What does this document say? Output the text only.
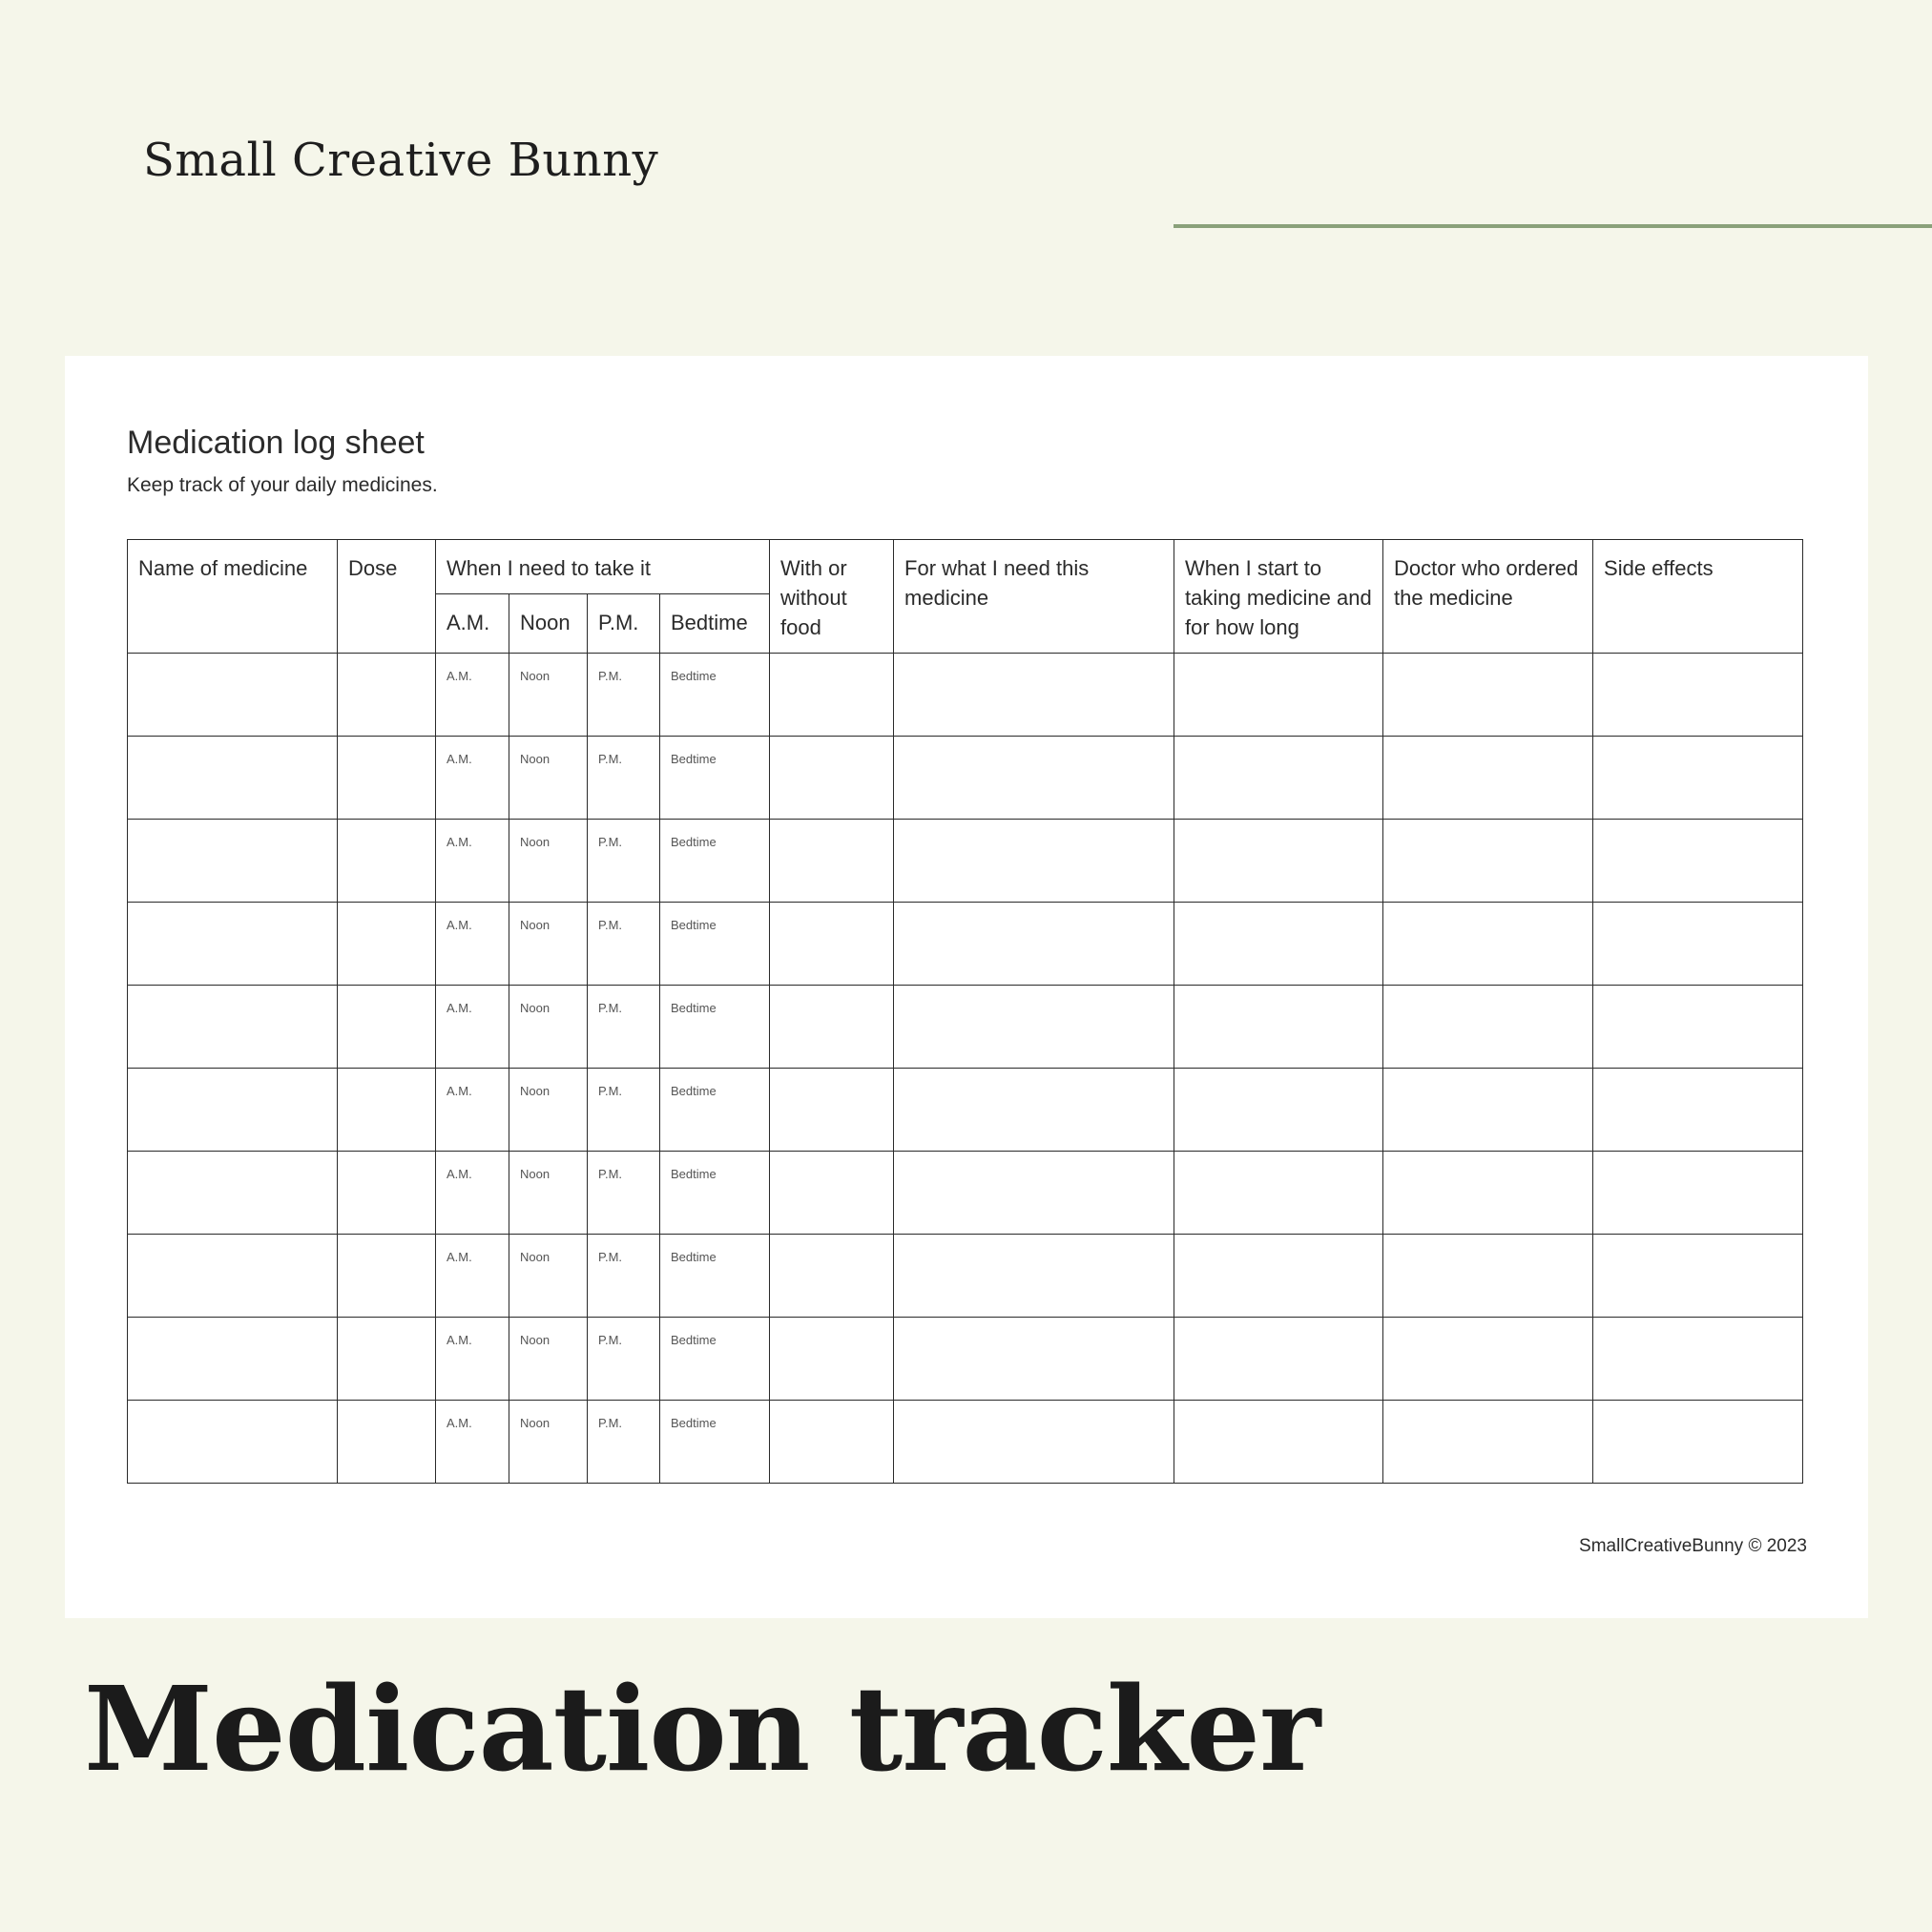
Small Creative Bunny
Medication log sheet

Keep track of your daily medicines.

Name of medicine	Dose	When I need to take it				With or without food	For what I need this medicine	When I start to taking medicine and for how long	Doctor who ordered the medicine	Side effects
		A.M.	Noon	P.M.	Bedtime					

		A.M.	Noon	P.M.	Bedtime					

		A.M.	Noon	P.M.	Bedtime					

		A.M.	Noon	P.M.	Bedtime					

		A.M.	Noon	P.M.	Bedtime					

		A.M.	Noon	P.M.	Bedtime					

		A.M.	Noon	P.M.	Bedtime					

		A.M.	Noon	P.M.	Bedtime					

		A.M.	Noon	P.M.	Bedtime					

		A.M.	Noon	P.M.	Bedtime					

		A.M.	Noon	P.M.	Bedtime					

SmallCreativeBunny © 2023

Medication tracker
